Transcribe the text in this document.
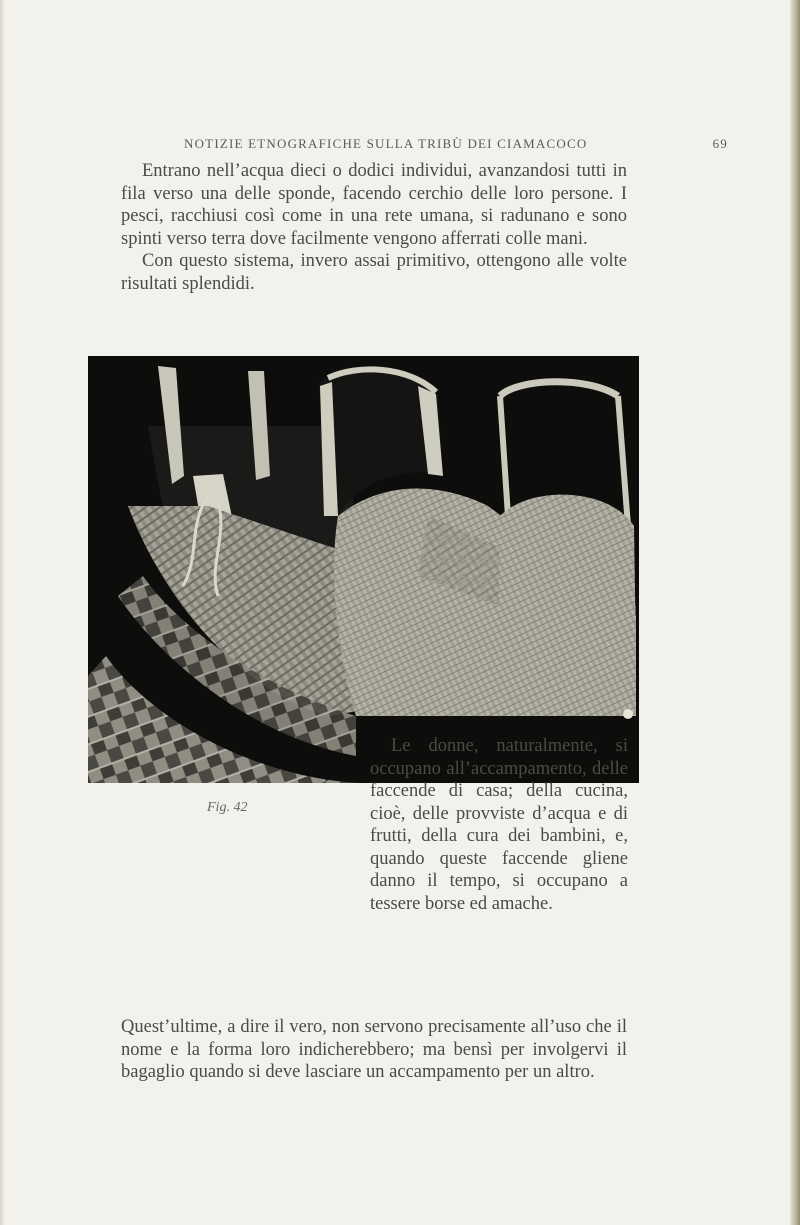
NOTIZIE ETNOGRAFICHE SULLA TRIBÙ DEI CIAMACOCO	69

Entrano nell’acqua dieci o dodici individui, avanzandosi tutti in fila verso una delle sponde, facendo cerchio delle loro persone. I pesci, racchiusi così come in una rete umana, si radunano e sono spinti verso terra dove facilmente vengono afferrati colle mani.

Con questo sistema, invero assai primitivo, ottengono alle volte risultati splendidi.

Fig. 42

Le donne, naturalmente, si occupano all’accampamento, delle faccende di casa; della cucina, cioè, delle provviste d’acqua e di frutti, della cura dei bambini, e, quando queste faccende gliene danno il tempo, si occupano a tessere borse ed amache.

Quest’ultime, a dire il vero, non servono precisamente all’uso che il nome e la forma loro indicherebbero; ma bensì per involgervi il bagaglio quando si deve lasciare un accampamento per un altro.
